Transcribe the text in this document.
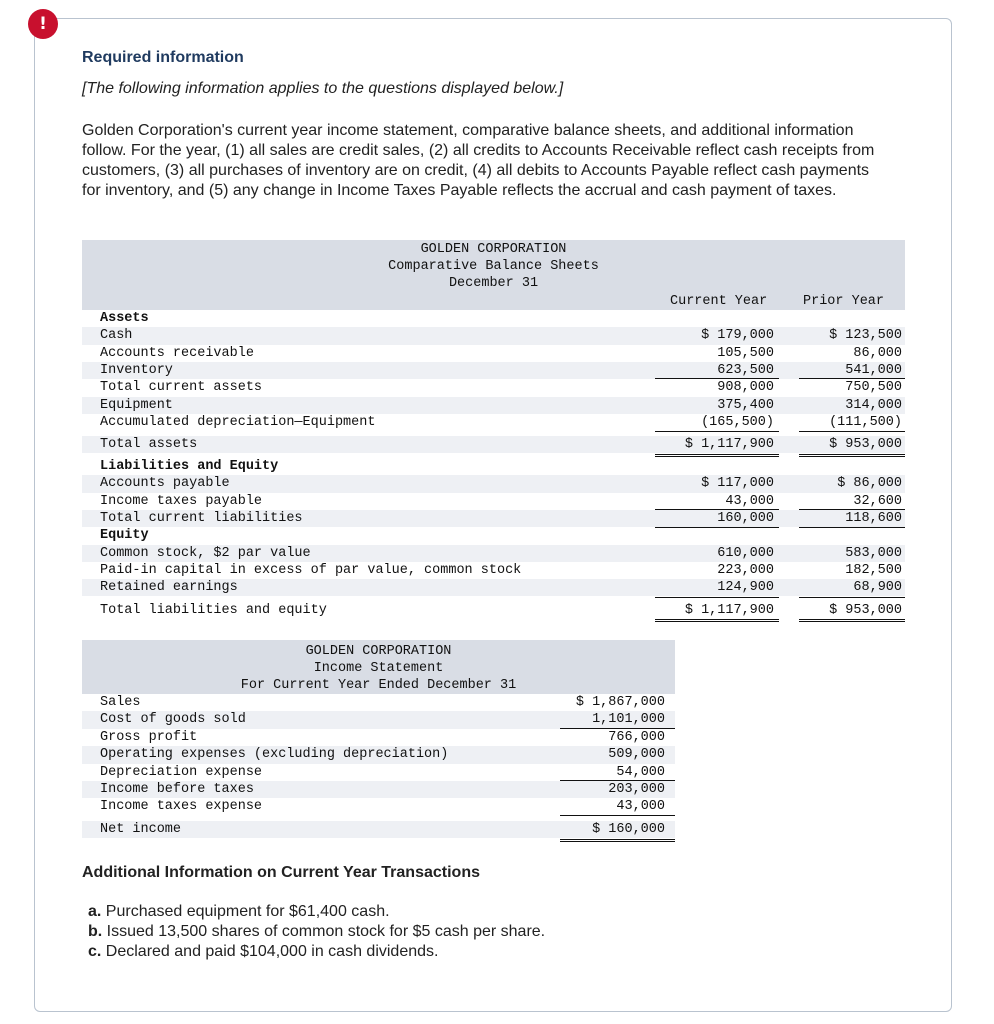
!
Required information
[The following information applies to the questions displayed below.]
Golden Corporation's current year income statement, comparative balance sheets, and additional information follow. For the year, (1) all sales are credit sales, (2) all credits to Accounts Receivable reflect cash receipts from customers, (3) all purchases of inventory are on credit, (4) all debits to Accounts Payable reflect cash payments for inventory, and (5) any change in Income Taxes Payable reflects the accrual and cash payment of taxes.
GOLDEN CORPORATION
Comparative Balance Sheets
December 31
Current Year	Prior Year
Assets
Cash	$ 179,000	$ 123,500
Accounts receivable	105,500	86,000
Inventory	623,500	541,000
Total current assets	908,000	750,500
Equipment	375,400	314,000
Accumulated depreciation—Equipment	(165,500)	(111,500)
Total assets	$ 1,117,900	$ 953,000
Liabilities and Equity
Accounts payable	$ 117,000	$ 86,000
Income taxes payable	43,000	32,600
Total current liabilities	160,000	118,600
Equity
Common stock, $2 par value	610,000	583,000
Paid-in capital in excess of par value, common stock	223,000	182,500
Retained earnings	124,900	68,900
Total liabilities and equity	$ 1,117,900	$ 953,000
GOLDEN CORPORATION
Income Statement
For Current Year Ended December 31
Sales	$ 1,867,000
Cost of goods sold	1,101,000
Gross profit	766,000
Operating expenses (excluding depreciation)	509,000
Depreciation expense	54,000
Income before taxes	203,000
Income taxes expense	43,000
Net income	$ 160,000
Additional Information on Current Year Transactions
a. Purchased equipment for $61,400 cash.
b. Issued 13,500 shares of common stock for $5 cash per share.
c. Declared and paid $104,000 in cash dividends.
